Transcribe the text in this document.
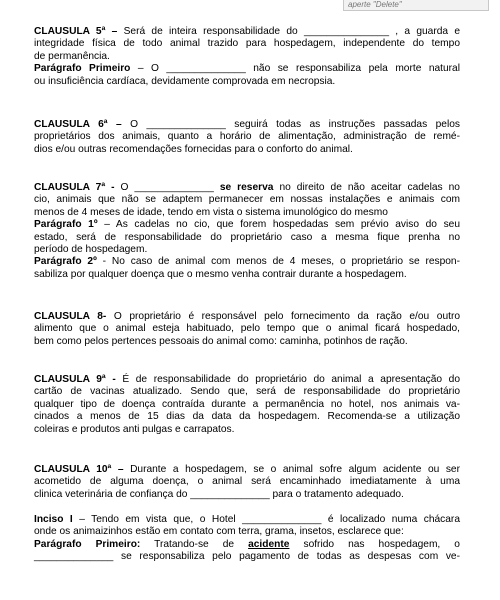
aperte "Delete"
CLAUSULA 5ª – Será de inteira responsabilidade do _______________ , a guarda e
integridade física de todo animal trazido para hospedagem, independente do tempo
de permanência.
Parágrafo Primeiro – O ______________ não se responsabiliza pela morte natural
ou insuficiência cardíaca, devidamente comprovada em necropsia.
CLAUSULA 6ª – O ______________ seguirá todas as instruções passadas pelos
proprietários dos animais, quanto a horário de alimentação, administração de remé-
dios e/ou outras recomendações fornecidas para o conforto do animal.
CLAUSULA 7ª - O ______________ se reserva no direito de não aceitar cadelas no
cio, animais que não se adaptem permanecer em nossas instalações e animais com
menos de 4 meses de idade, tendo em vista o sistema imunológico do mesmo
Parágrafo 1º – As cadelas no cio, que forem hospedadas sem prévio aviso do seu
estado, será de responsabilidade do proprietário caso a mesma fique prenha no
período de hospedagem.
Parágrafo 2º - No caso de animal com menos de 4 meses, o proprietário se respon-
sabiliza por qualquer doença que o mesmo venha contrair durante a hospedagem.
CLAUSULA 8- O proprietário é responsável pelo fornecimento da ração e/ou outro
alimento que o animal esteja habituado, pelo tempo que o animal ficará hospedado,
bem como pelos pertences pessoais do animal como: caminha, potinhos de ração.
CLAUSULA 9ª - É de responsabilidade do proprietário do animal a apresentação do
cartão de vacinas atualizado. Sendo que, será de responsabilidade do proprietário
qualquer tipo de doença contraída durante a permanência no hotel, nos animais va-
cinados a menos de 15 dias da data da hospedagem. Recomenda-se a utilização
coleiras e produtos anti pulgas e carrapatos.
CLAUSULA 10ª – Durante a hospedagem, se o animal sofre algum acidente ou ser
acometido de alguma doença, o animal será encaminhado imediatamente à uma
clinica veterinária de confiança do ______________ para o tratamento adequado.
Inciso I – Tendo em vista que, o Hotel ______________ é localizado numa chácara
onde os animaizinhos estão em contato com terra, grama, insetos, esclarece que:
Parágrafo Primeiro: Tratando-se de acidente sofrido nas hospedagem, o
______________ se responsabiliza pelo pagamento de todas as despesas com ve-
